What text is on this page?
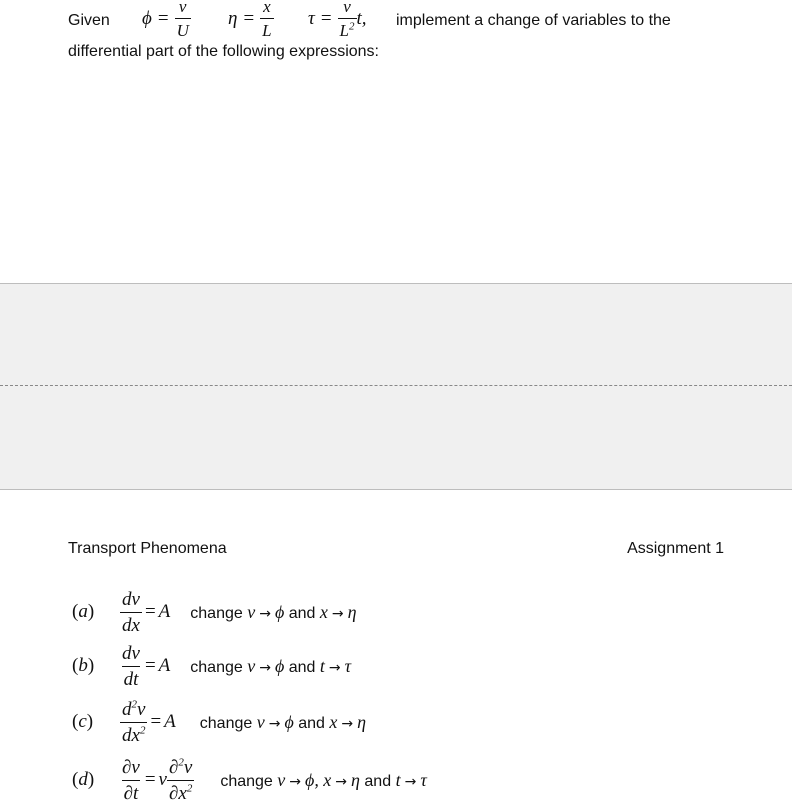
Given $\phi = \frac{v}{U}$ $\eta = \frac{x}{L}$ $\tau = \frac{\nu}{L^2} t$, implement a change of variables to the
differential part of the following expressions:
Transport Phenomena	Assignment 1
(a)	$\frac{dv}{dx} = A$ change v → ϕ and x → η
(b)	$\frac{dv}{dt} = A$ change v → ϕ and t → τ
(c)	$\frac{d^2v}{dx^2} = A$ change v → ϕ and x → η
(d)	$\frac{\partial v}{\partial t} = \nu \frac{\partial^2v}{\partial x^2}$ change v → ϕ, x → η and t → τ
